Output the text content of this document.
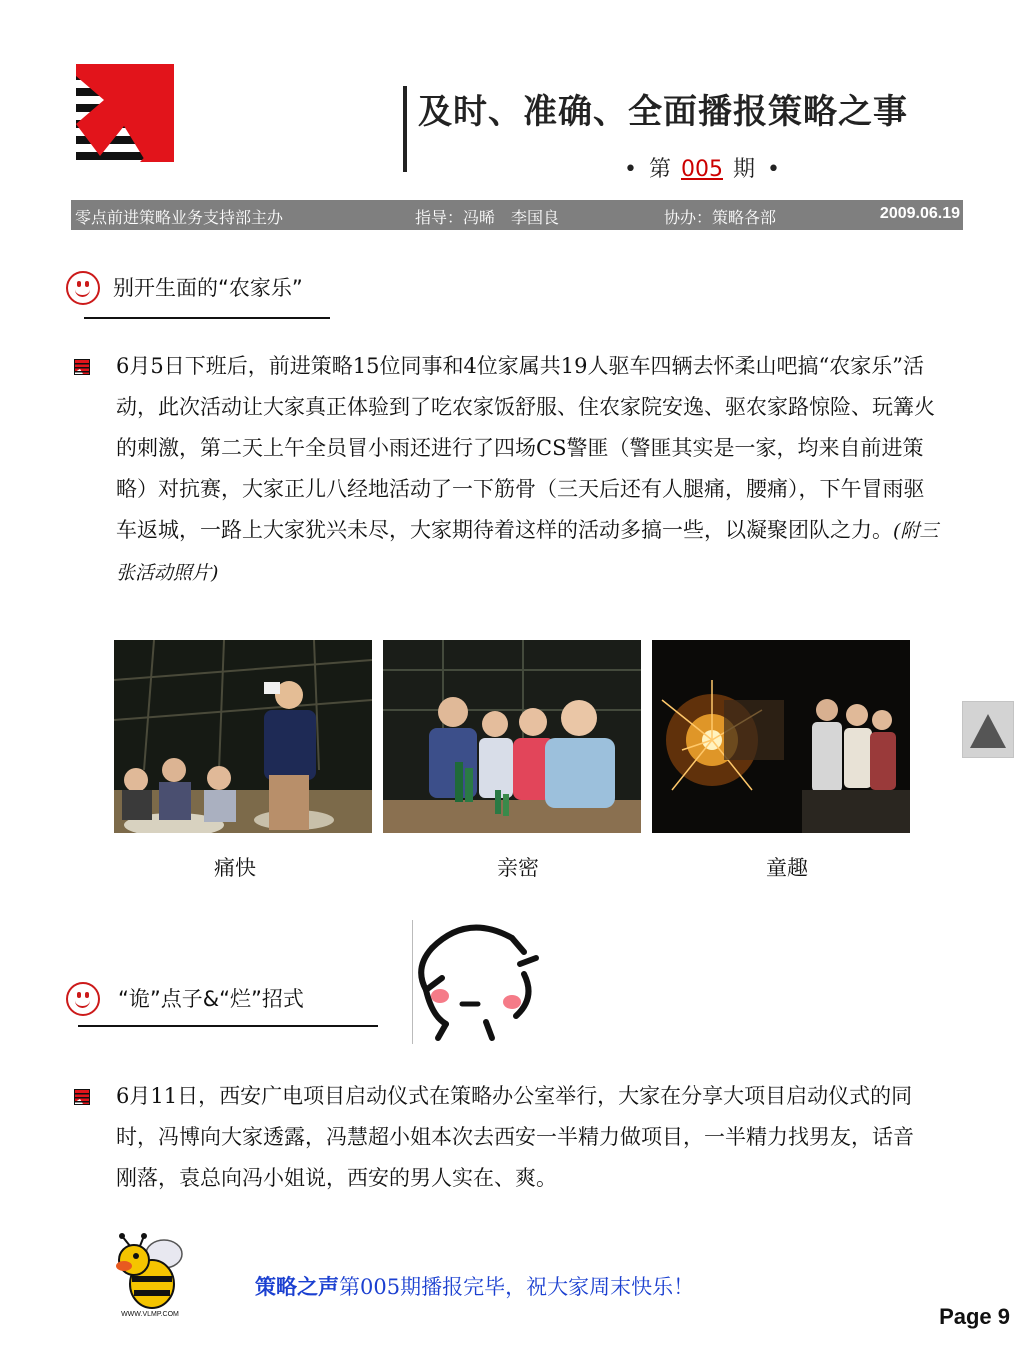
及时、准确、全面播报策略之事
• 第 005 期 •
零点前进策略业务支持部主办	指导：冯晞　李国良	协办：策略各部	2009.06.19
别开生面的“农家乐”
6月5日下班后，前进策略15位同事和4位家属共19人驱车四辆去怀柔山吧搞“农家乐”活动，此次活动让大家真正体验到了吃农家饭舒服、住农家院安逸、驱农家路惊险、玩篝火的刺激，第二天上午全员冒小雨还进行了四场CS警匪（警匪其实是一家，均来自前进策略）对抗赛，大家正儿八经地活动了一下筋骨（三天后还有人腿痛，腰痛），下午冒雨驱车返城，一路上大家犹兴未尽，大家期待着这样的活动多搞一些，以凝聚团队之力。(附三张活动照片)
痛快	亲密	童趣
“诡”点子&“烂”招式
6月11日，西安广电项目启动仪式在策略办公室举行，大家在分享大项目启动仪式的同时，冯博向大家透露，冯慧超小姐本次去西安一半精力做项目，一半精力找男友，话音刚落，袁总向冯小姐说，西安的男人实在、爽。
WWW.VLMP.COM
策略之声第005期播报完毕，祝大家周末快乐！
Page 9
